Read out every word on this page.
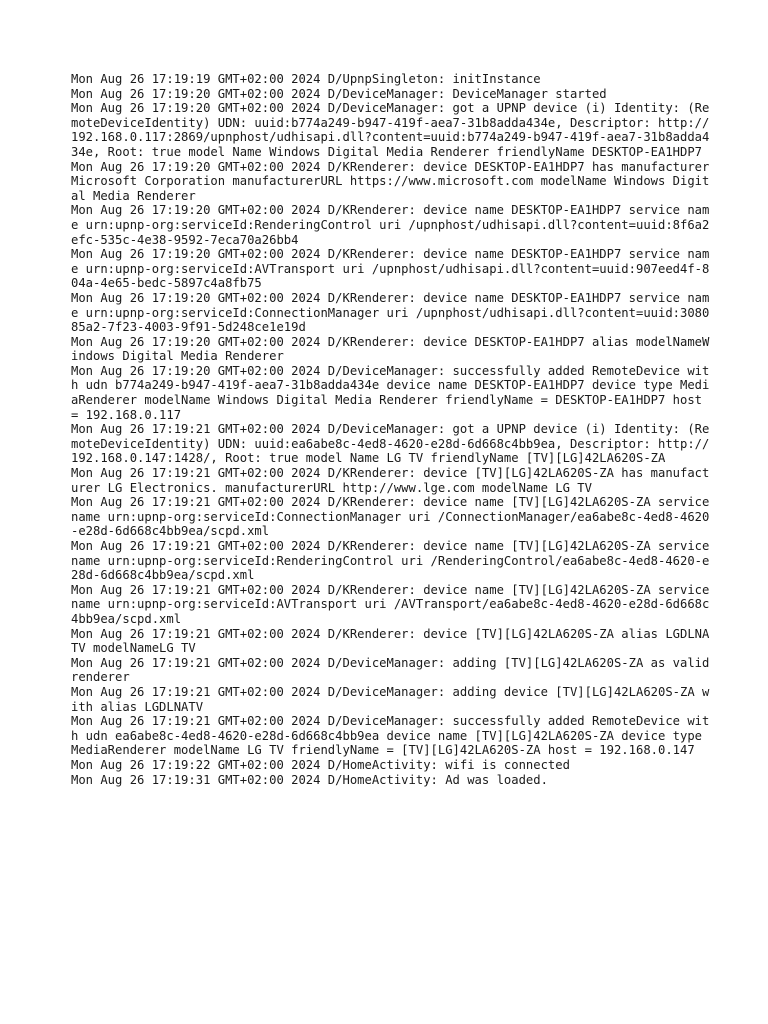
Mon Aug 26 17:19:19 GMT+02:00 2024 D/UpnpSingleton: initInstance
Mon Aug 26 17:19:20 GMT+02:00 2024 D/DeviceManager: DeviceManager started
Mon Aug 26 17:19:20 GMT+02:00 2024 D/DeviceManager: got a UPNP device (i) Identity: (RemoteDeviceIdentity) UDN: uuid:b774a249-b947-419f-aea7-31b8adda434e, Descriptor: http://192.168.0.117:2869/upnphost/udhisapi.dll?content=uuid:b774a249-b947-419f-aea7-31b8adda434e, Root: true model Name Windows Digital Media Renderer friendlyName DESKTOP-EA1HDP7
Mon Aug 26 17:19:20 GMT+02:00 2024 D/KRenderer: device DESKTOP-EA1HDP7 has manufacturer Microsoft Corporation manufacturerURL https://www.microsoft.com modelName Windows Digital Media Renderer
Mon Aug 26 17:19:20 GMT+02:00 2024 D/KRenderer: device name DESKTOP-EA1HDP7 service name urn:upnp-org:serviceId:RenderingControl uri /upnphost/udhisapi.dll?content=uuid:8f6a2efc-535c-4e38-9592-7eca70a26bb4
Mon Aug 26 17:19:20 GMT+02:00 2024 D/KRenderer: device name DESKTOP-EA1HDP7 service name urn:upnp-org:serviceId:AVTransport uri /upnphost/udhisapi.dll?content=uuid:907eed4f-804a-4e65-bedc-5897c4a8fb75
Mon Aug 26 17:19:20 GMT+02:00 2024 D/KRenderer: device name DESKTOP-EA1HDP7 service name urn:upnp-org:serviceId:ConnectionManager uri /upnphost/udhisapi.dll?content=uuid:308085a2-7f23-4003-9f91-5d248ce1e19d
Mon Aug 26 17:19:20 GMT+02:00 2024 D/KRenderer: device DESKTOP-EA1HDP7 alias modelNameWindows Digital Media Renderer
Mon Aug 26 17:19:20 GMT+02:00 2024 D/DeviceManager: successfully added RemoteDevice with udn b774a249-b947-419f-aea7-31b8adda434e device name DESKTOP-EA1HDP7 device type MediaRenderer modelName Windows Digital Media Renderer friendlyName = DESKTOP-EA1HDP7 host = 192.168.0.117
Mon Aug 26 17:19:21 GMT+02:00 2024 D/DeviceManager: got a UPNP device (i) Identity: (RemoteDeviceIdentity) UDN: uuid:ea6abe8c-4ed8-4620-e28d-6d668c4bb9ea, Descriptor: http://192.168.0.147:1428/, Root: true model Name LG TV friendlyName [TV][LG]42LA620S-ZA
Mon Aug 26 17:19:21 GMT+02:00 2024 D/KRenderer: device [TV][LG]42LA620S-ZA has manufacturer LG Electronics. manufacturerURL http://www.lge.com modelName LG TV
Mon Aug 26 17:19:21 GMT+02:00 2024 D/KRenderer: device name [TV][LG]42LA620S-ZA service name urn:upnp-org:serviceId:ConnectionManager uri /ConnectionManager/ea6abe8c-4ed8-4620-e28d-6d668c4bb9ea/scpd.xml
Mon Aug 26 17:19:21 GMT+02:00 2024 D/KRenderer: device name [TV][LG]42LA620S-ZA service name urn:upnp-org:serviceId:RenderingControl uri /RenderingControl/ea6abe8c-4ed8-4620-e28d-6d668c4bb9ea/scpd.xml
Mon Aug 26 17:19:21 GMT+02:00 2024 D/KRenderer: device name [TV][LG]42LA620S-ZA service name urn:upnp-org:serviceId:AVTransport uri /AVTransport/ea6abe8c-4ed8-4620-e28d-6d668c4bb9ea/scpd.xml
Mon Aug 26 17:19:21 GMT+02:00 2024 D/KRenderer: device [TV][LG]42LA620S-ZA alias LGDLNATV modelNameLG TV
Mon Aug 26 17:19:21 GMT+02:00 2024 D/DeviceManager: adding [TV][LG]42LA620S-ZA as valid renderer
Mon Aug 26 17:19:21 GMT+02:00 2024 D/DeviceManager: adding device [TV][LG]42LA620S-ZA with alias LGDLNATV
Mon Aug 26 17:19:21 GMT+02:00 2024 D/DeviceManager: successfully added RemoteDevice with udn ea6abe8c-4ed8-4620-e28d-6d668c4bb9ea device name [TV][LG]42LA620S-ZA device type MediaRenderer modelName LG TV friendlyName = [TV][LG]42LA620S-ZA host = 192.168.0.147
Mon Aug 26 17:19:22 GMT+02:00 2024 D/HomeActivity: wifi is connected
Mon Aug 26 17:19:31 GMT+02:00 2024 D/HomeActivity: Ad was loaded.
